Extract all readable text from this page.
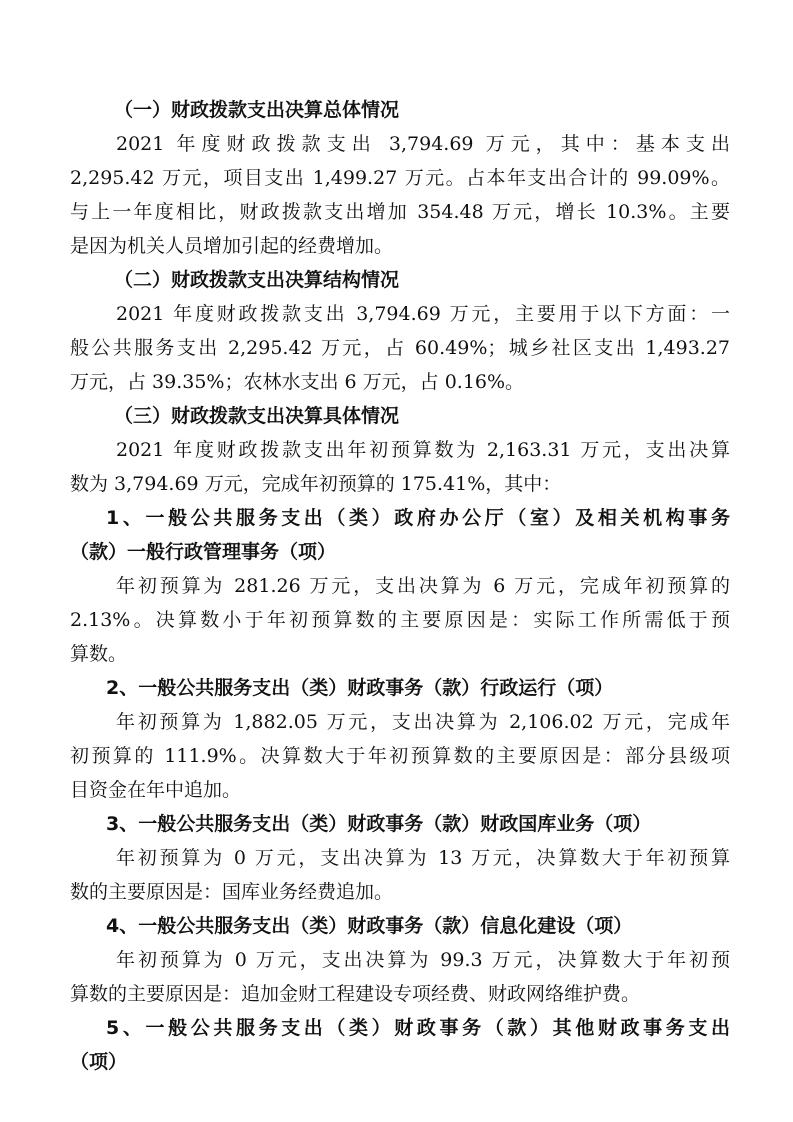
（一）财政拨款支出决算总体情况
2021 年度财政拨款支出 3,794.69 万元，其中：基本支出
2,295.42 万元，项目支出 1,499.27 万元。占本年支出合计的 99.09%。
与上一年度相比，财政拨款支出增加 354.48 万元，增长 10.3%。主要
是因为机关人员增加引起的经费增加。
（二）财政拨款支出决算结构情况
2021 年度财政拨款支出 3,794.69 万元，主要用于以下方面：一
般公共服务支出 2,295.42 万元，占 60.49%；城乡社区支出 1,493.27
万元，占 39.35%；农林水支出 6 万元，占 0.16%。
（三）财政拨款支出决算具体情况
2021 年度财政拨款支出年初预算数为 2,163.31 万元，支出决算
数为 3,794.69 万元，完成年初预算的 175.41%，其中：
1、一般公共服务支出（类）政府办公厅（室）及相关机构事务
（款）一般行政管理事务（项）
年初预算为 281.26 万元，支出决算为 6 万元，完成年初预算的
2.13%。决算数小于年初预算数的主要原因是：实际工作所需低于预
算数。
2、一般公共服务支出（类）财政事务（款）行政运行（项）
年初预算为 1,882.05 万元，支出决算为 2,106.02 万元，完成年
初预算的 111.9%。决算数大于年初预算数的主要原因是：部分县级项
目资金在年中追加。
3、一般公共服务支出（类）财政事务（款）财政国库业务（项）
年初预算为 0 万元，支出决算为 13 万元，决算数大于年初预算
数的主要原因是：国库业务经费追加。
4、一般公共服务支出（类）财政事务（款）信息化建设（项）
年初预算为 0 万元，支出决算为 99.3 万元，决算数大于年初预
算数的主要原因是：追加金财工程建设专项经费、财政网络维护费。
5、一般公共服务支出（类）财政事务（款）其他财政事务支出
（项）
